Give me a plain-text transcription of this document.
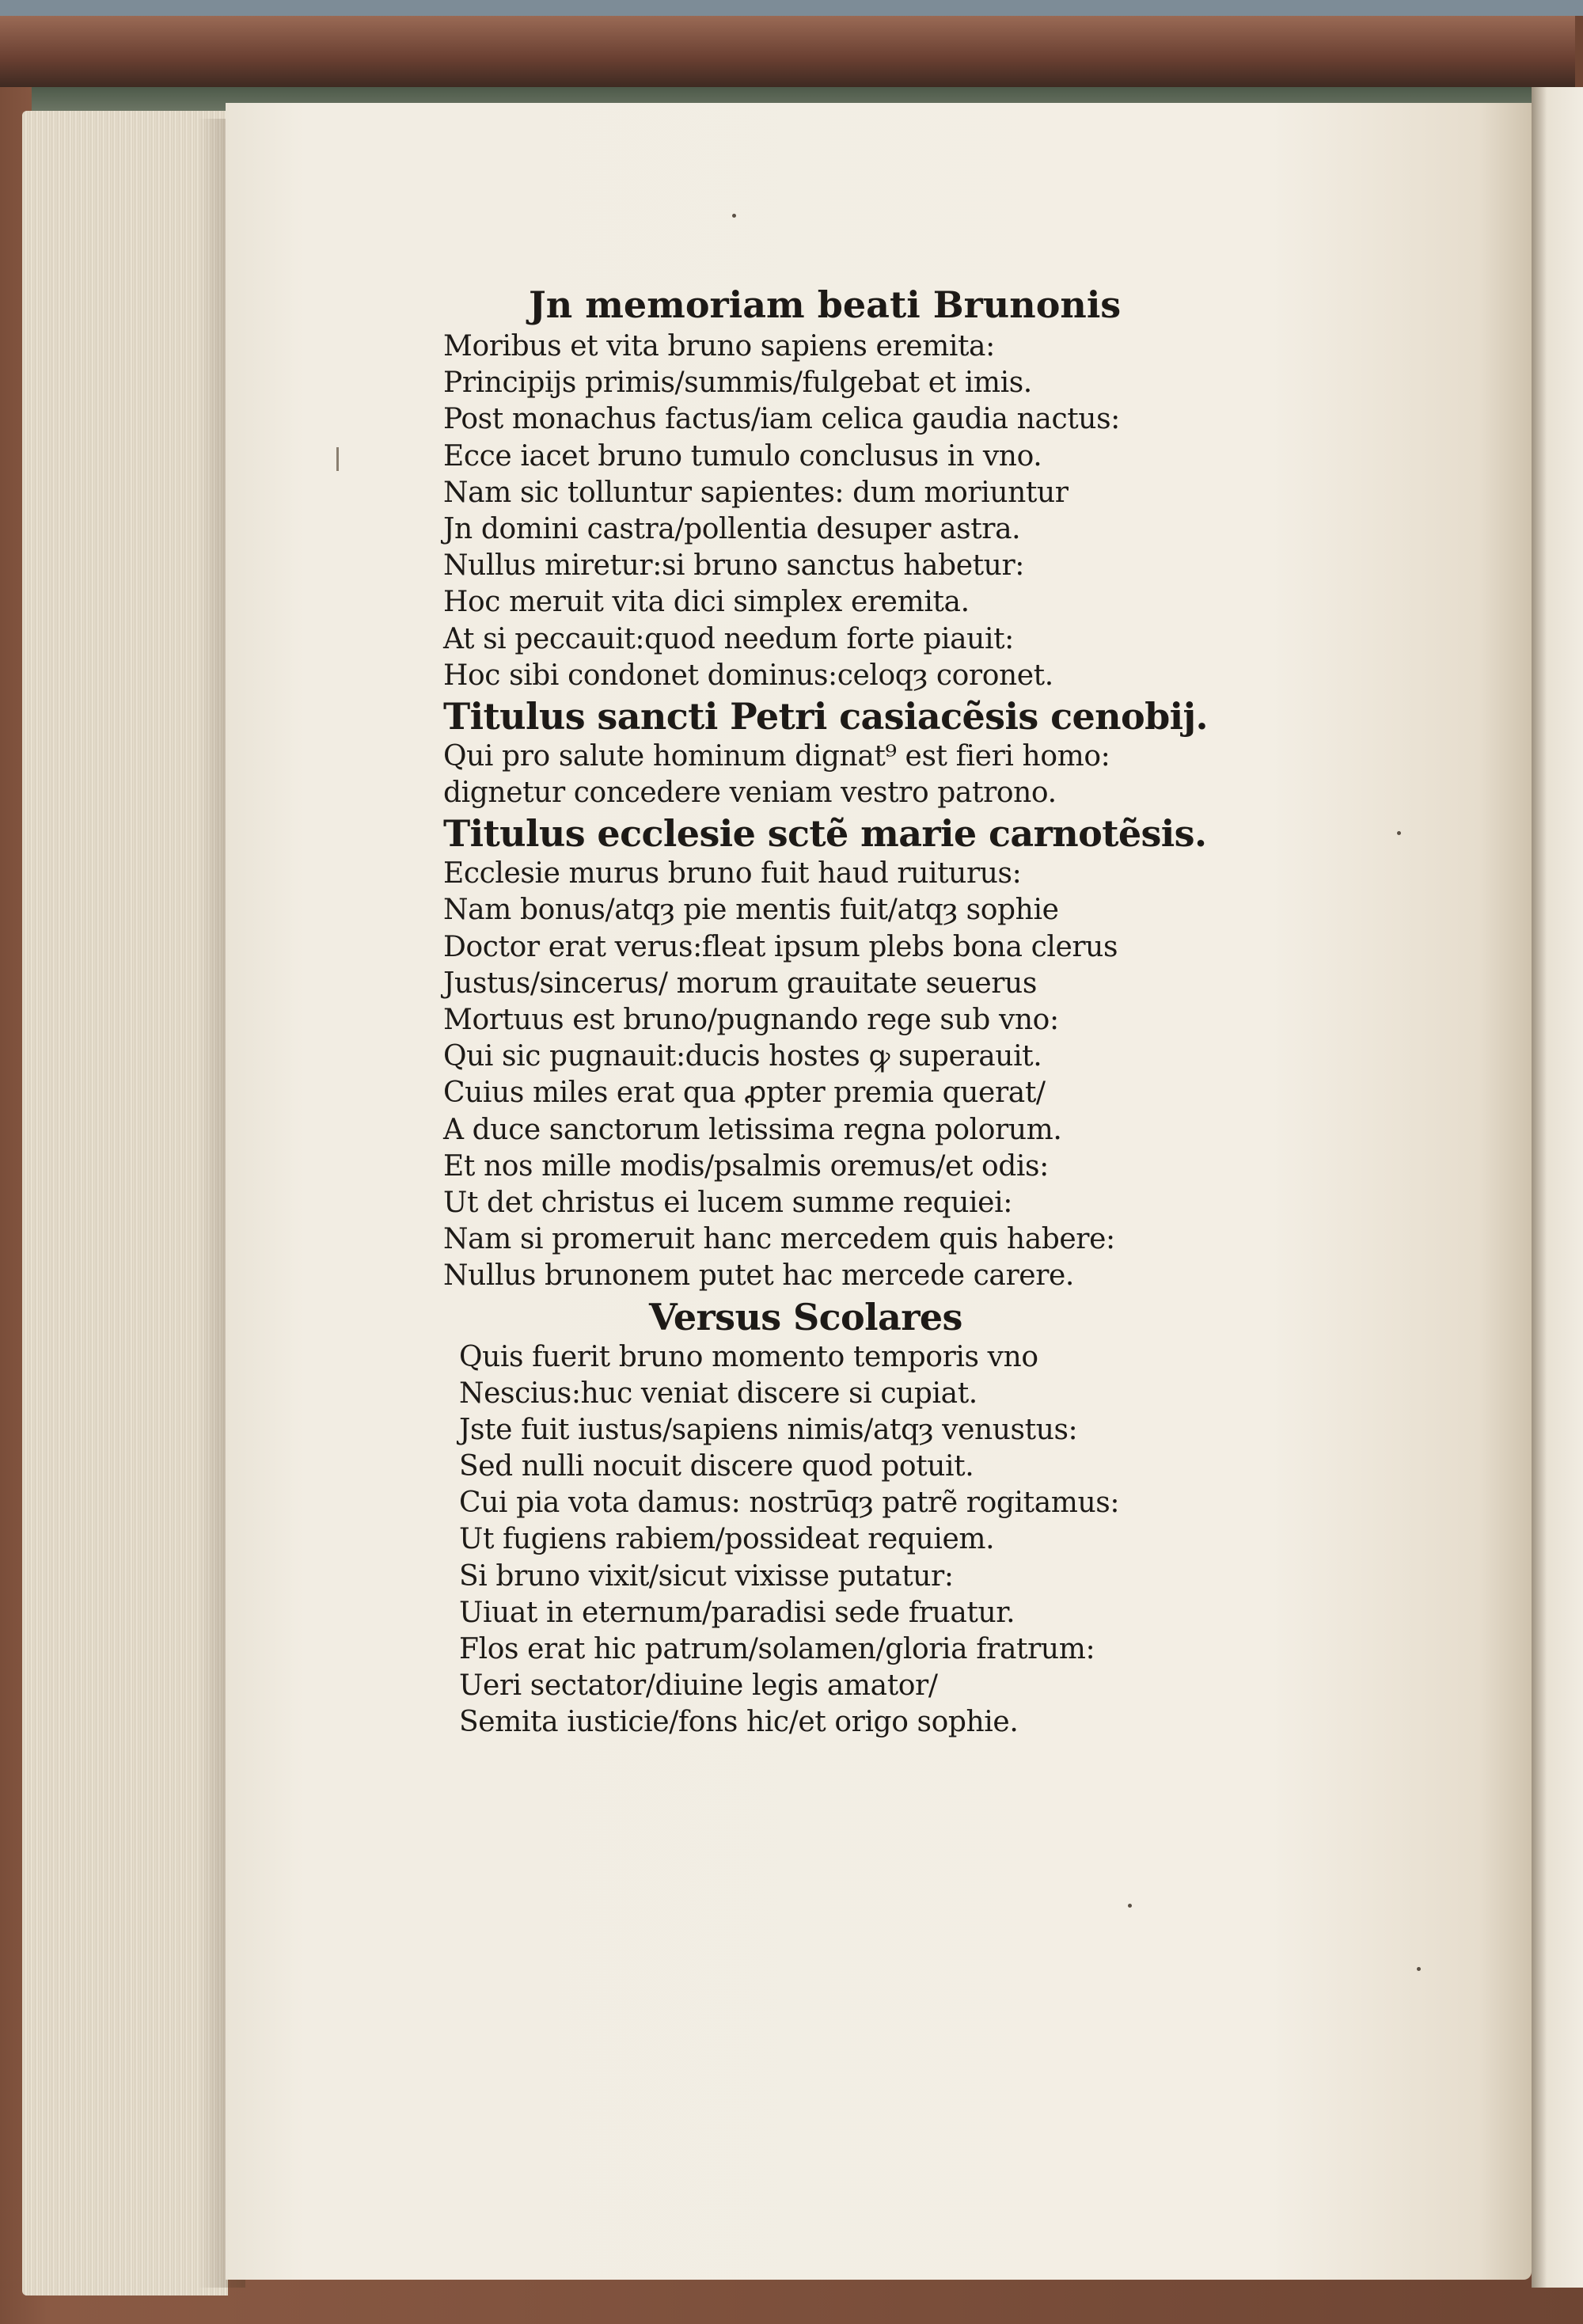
Jn memoriam beati Brunonis
Moribus et vita bruno sapiens eremita:
Principijs primis/summis/fulgebat et imis.
Post monachus factus/iam celica gaudia nactus:
Ecce iacet bruno tumulo conclusus in vno.
Nam sic tolluntur sapientes: dum moriuntur
Jn domini castra/pollentia desuper astra.
Nullus miretur:si bruno sanctus habetur:
Hoc meruit vita dici simplex eremita.
At si peccauit:quod needum forte piauit:
Hoc sibi condonet dominus:celoqȝ coronet.
Titulus sancti Petri casiacẽsis cenobij.
Qui pro salute hominum dignat⁹ est fieri homo:
dignetur concedere veniam vestro patrono.
Titulus ecclesie sctẽ marie carnotẽsis.
Ecclesie murus bruno fuit haud ruiturus:
Nam bonus/atqȝ pie mentis fuit/atqȝ sophie
Doctor erat verus:fleat ipsum plebs bona clerus
Justus/sincerus/ morum grauitate seuerus
Mortuus est bruno/pugnando rege sub vno:
Qui sic pugnauit:ducis hostes ꝙ superauit.
Cuius miles erat qua ꝓpter premia querat/
A duce sanctorum letissima regna polorum.
Et nos mille modis/psalmis oremus/et odis:
Ut det christus ei lucem summe requiei:
Nam si promeruit hanc mercedem quis habere:
Nullus brunonem putet hac mercede carere.
Versus Scolares
Quis fuerit bruno momento temporis vno
Nescius:huc veniat discere si cupiat.
Jste fuit iustus/sapiens nimis/atqȝ venustus:
Sed nulli nocuit discere quod potuit.
Cui pia vota damus: nostrūqȝ patrẽ rogitamus:
Ut fugiens rabiem/possideat requiem.
Si bruno vixit/sicut vixisse putatur:
Uiuat in eternum/paradisi sede fruatur.
Flos erat hic patrum/solamen/gloria fratrum:
Ueri sectator/diuine legis amator/
Semita iusticie/fons hic/et origo sophie.
